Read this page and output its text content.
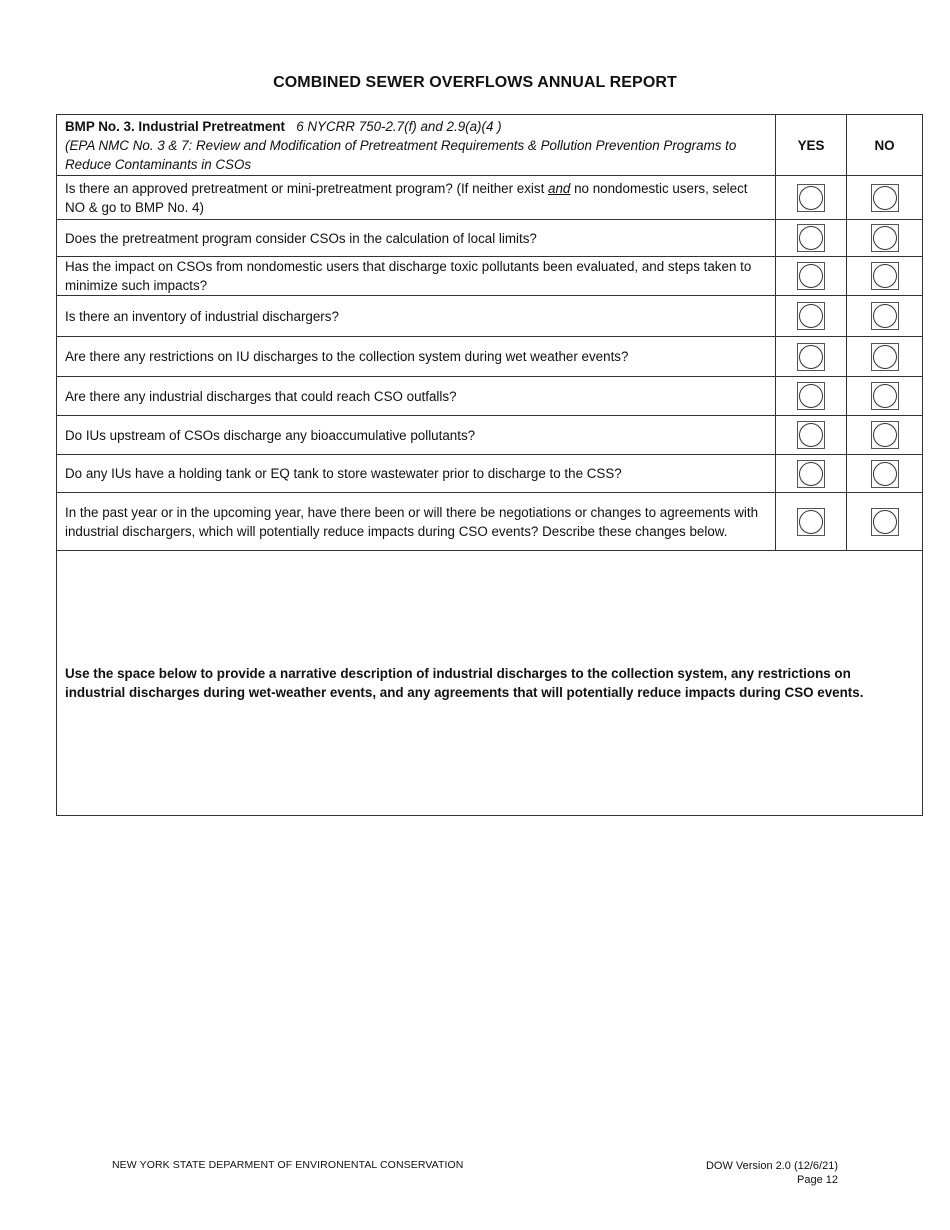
COMBINED SEWER OVERFLOWS ANNUAL REPORT
BMP No. 3. Industrial Pretreatment 6 NYCRR 750-2.7(f) and 2.9(a)(4 )
(EPA NMC No. 3 & 7: Review and Modification of Pretreatment Requirements & Pollution Prevention Programs to Reduce Contaminants in CSOs	YES	NO
Is there an approved pretreatment or mini-pretreatment program? (If neither exist and no nondomestic users, select NO & go to BMP No. 4)		
Does the pretreatment program consider CSOs in the calculation of local limits?		
Has the impact on CSOs from nondomestic users that discharge toxic pollutants been evaluated, and steps taken to minimize such impacts?		
Is there an inventory of industrial dischargers?		
Are there any restrictions on IU discharges to the collection system during wet weather events?		
Are there any industrial discharges that could reach CSO outfalls?		
Do IUs upstream of CSOs discharge any bioaccumulative pollutants?		
Do any IUs have a holding tank or EQ tank to store wastewater prior to discharge to the CSS?		
In the past year or in the upcoming year, have there been or will there be negotiations or changes to agreements with industrial dischargers, which will potentially reduce impacts during CSO events? Describe these changes below.		
Use the space below to provide a narrative description of industrial discharges to the collection system, any restrictions on industrial discharges during wet-weather events, and any agreements that will potentially reduce impacts during CSO events.		
NEW YORK STATE DEPARMENT OF ENVIRONENTAL CONSERVATION	DOW Version 2.0 (12/6/21)
Page 12
